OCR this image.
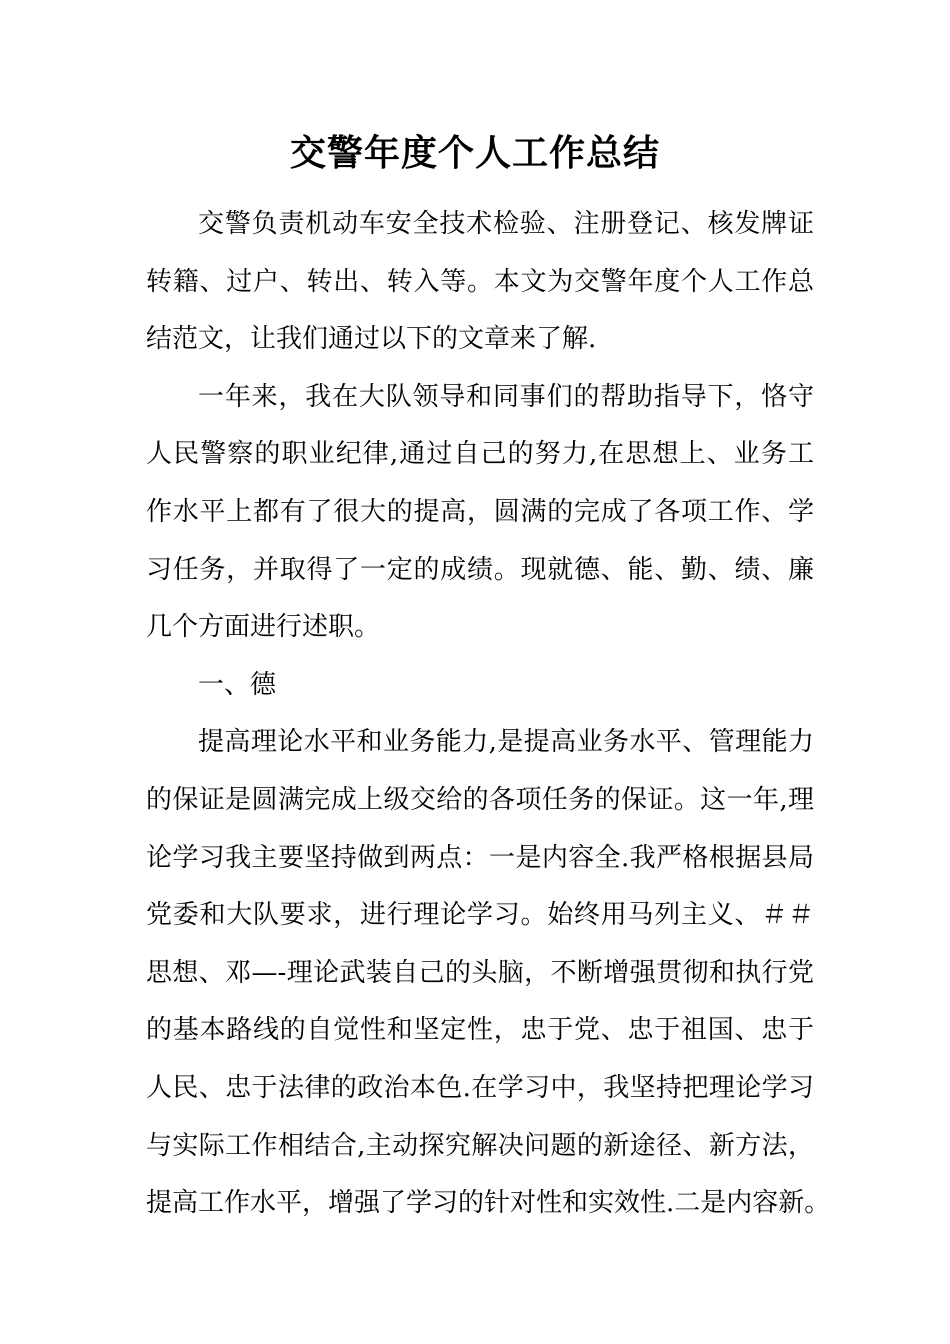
交警年度个人工作总结
交警负责机动车安全技术检验、注册登记、核发牌证
转籍、过户、转出、转入等。本文为交警年度个人工作总
结范文，让我们通过以下的文章来了解.
一年来，我在大队领导和同事们的帮助指导下，恪守
人民警察的职业纪律,通过自己的努力,在思想上、业务工
作水平上都有了很大的提高，圆满的完成了各项工作、学
习任务，并取得了一定的成绩。现就德、能、勤、绩、廉
几个方面进行述职。
一、德
提高理论水平和业务能力,是提高业务水平、管理能力
的保证是圆满完成上级交给的各项任务的保证。这一年,理
论学习我主要坚持做到两点：一是内容全.我严格根据县局
党委和大队要求，进行理论学习。始终用马列主义、＃＃
思想、邓—-理论武装自己的头脑，不断增强贯彻和执行党
的基本路线的自觉性和坚定性，忠于党、忠于祖国、忠于
人民、忠于法律的政治本色.在学习中，我坚持把理论学习
与实际工作相结合,主动探究解决问题的新途径、新方法，
提高工作水平，增强了学习的针对性和实效性.二是内容新。
